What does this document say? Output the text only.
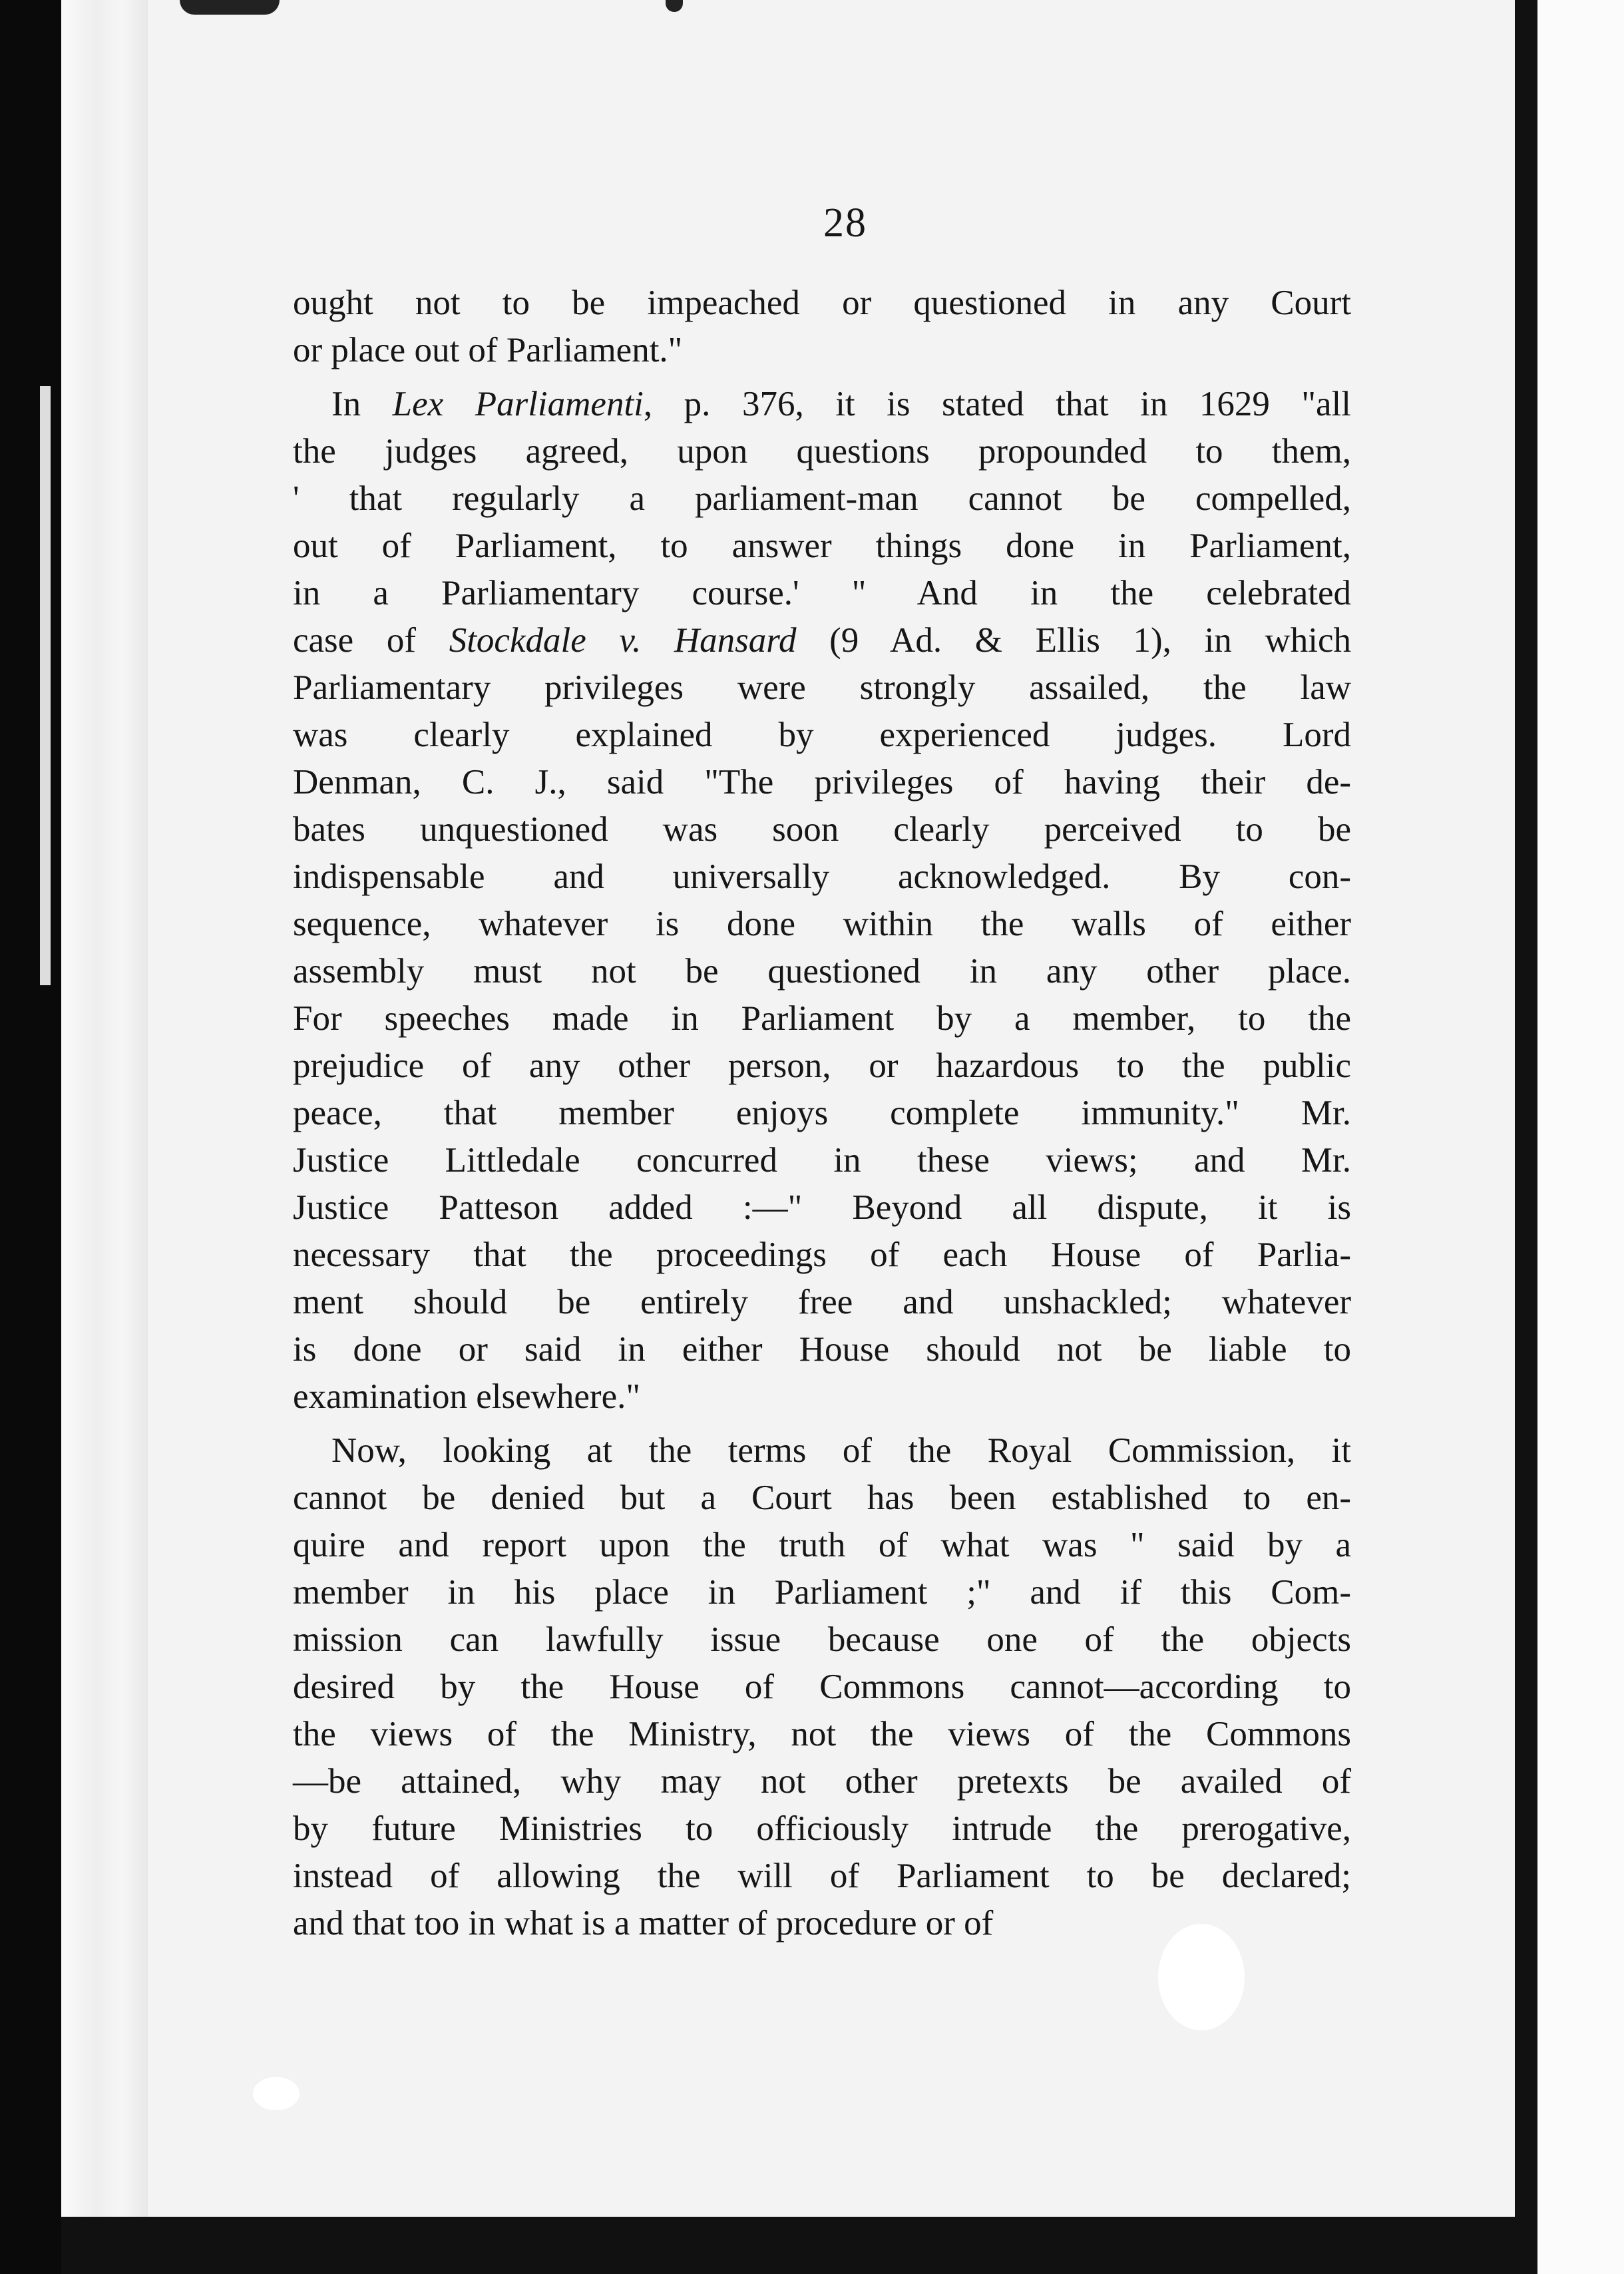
28
ought not to be impeached or questioned in any Court
or place out of Parliament."
In Lex Parliamenti, p. 376, it is stated that in 1629 "all
the judges agreed, upon questions propounded to them,
' that regularly a parliament-man cannot be compelled,
out of Parliament, to answer things done in Parliament,
in a Parliamentary course.' " And in the celebrated
case of Stockdale v. Hansard (9 Ad. & Ellis 1), in which
Parliamentary privileges were strongly assailed, the law
was clearly explained by experienced judges. Lord
Denman, C. J., said "The privileges of having their de-
bates unquestioned was soon clearly perceived to be
indispensable and universally acknowledged. By con-
sequence, whatever is done within the walls of either
assembly must not be questioned in any other place.
For speeches made in Parliament by a member, to the
prejudice of any other person, or hazardous to the public
peace, that member enjoys complete immunity." Mr.
Justice Littledale concurred in these views; and Mr.
Justice Patteson added :—" Beyond all dispute, it is
necessary that the proceedings of each House of Parlia-
ment should be entirely free and unshackled; whatever
is done or said in either House should not be liable to
examination elsewhere."
Now, looking at the terms of the Royal Commission, it
cannot be denied but a Court has been established to en-
quire and report upon the truth of what was " said by a
member in his place in Parliament ;" and if this Com-
mission can lawfully issue because one of the objects
desired by the House of Commons cannot—according to
the views of the Ministry, not the views of the Commons
—be attained, why may not other pretexts be availed of
by future Ministries to officiously intrude the prerogative,
instead of allowing the will of Parliament to be declared;
and that too in what is a matter of procedure or of
